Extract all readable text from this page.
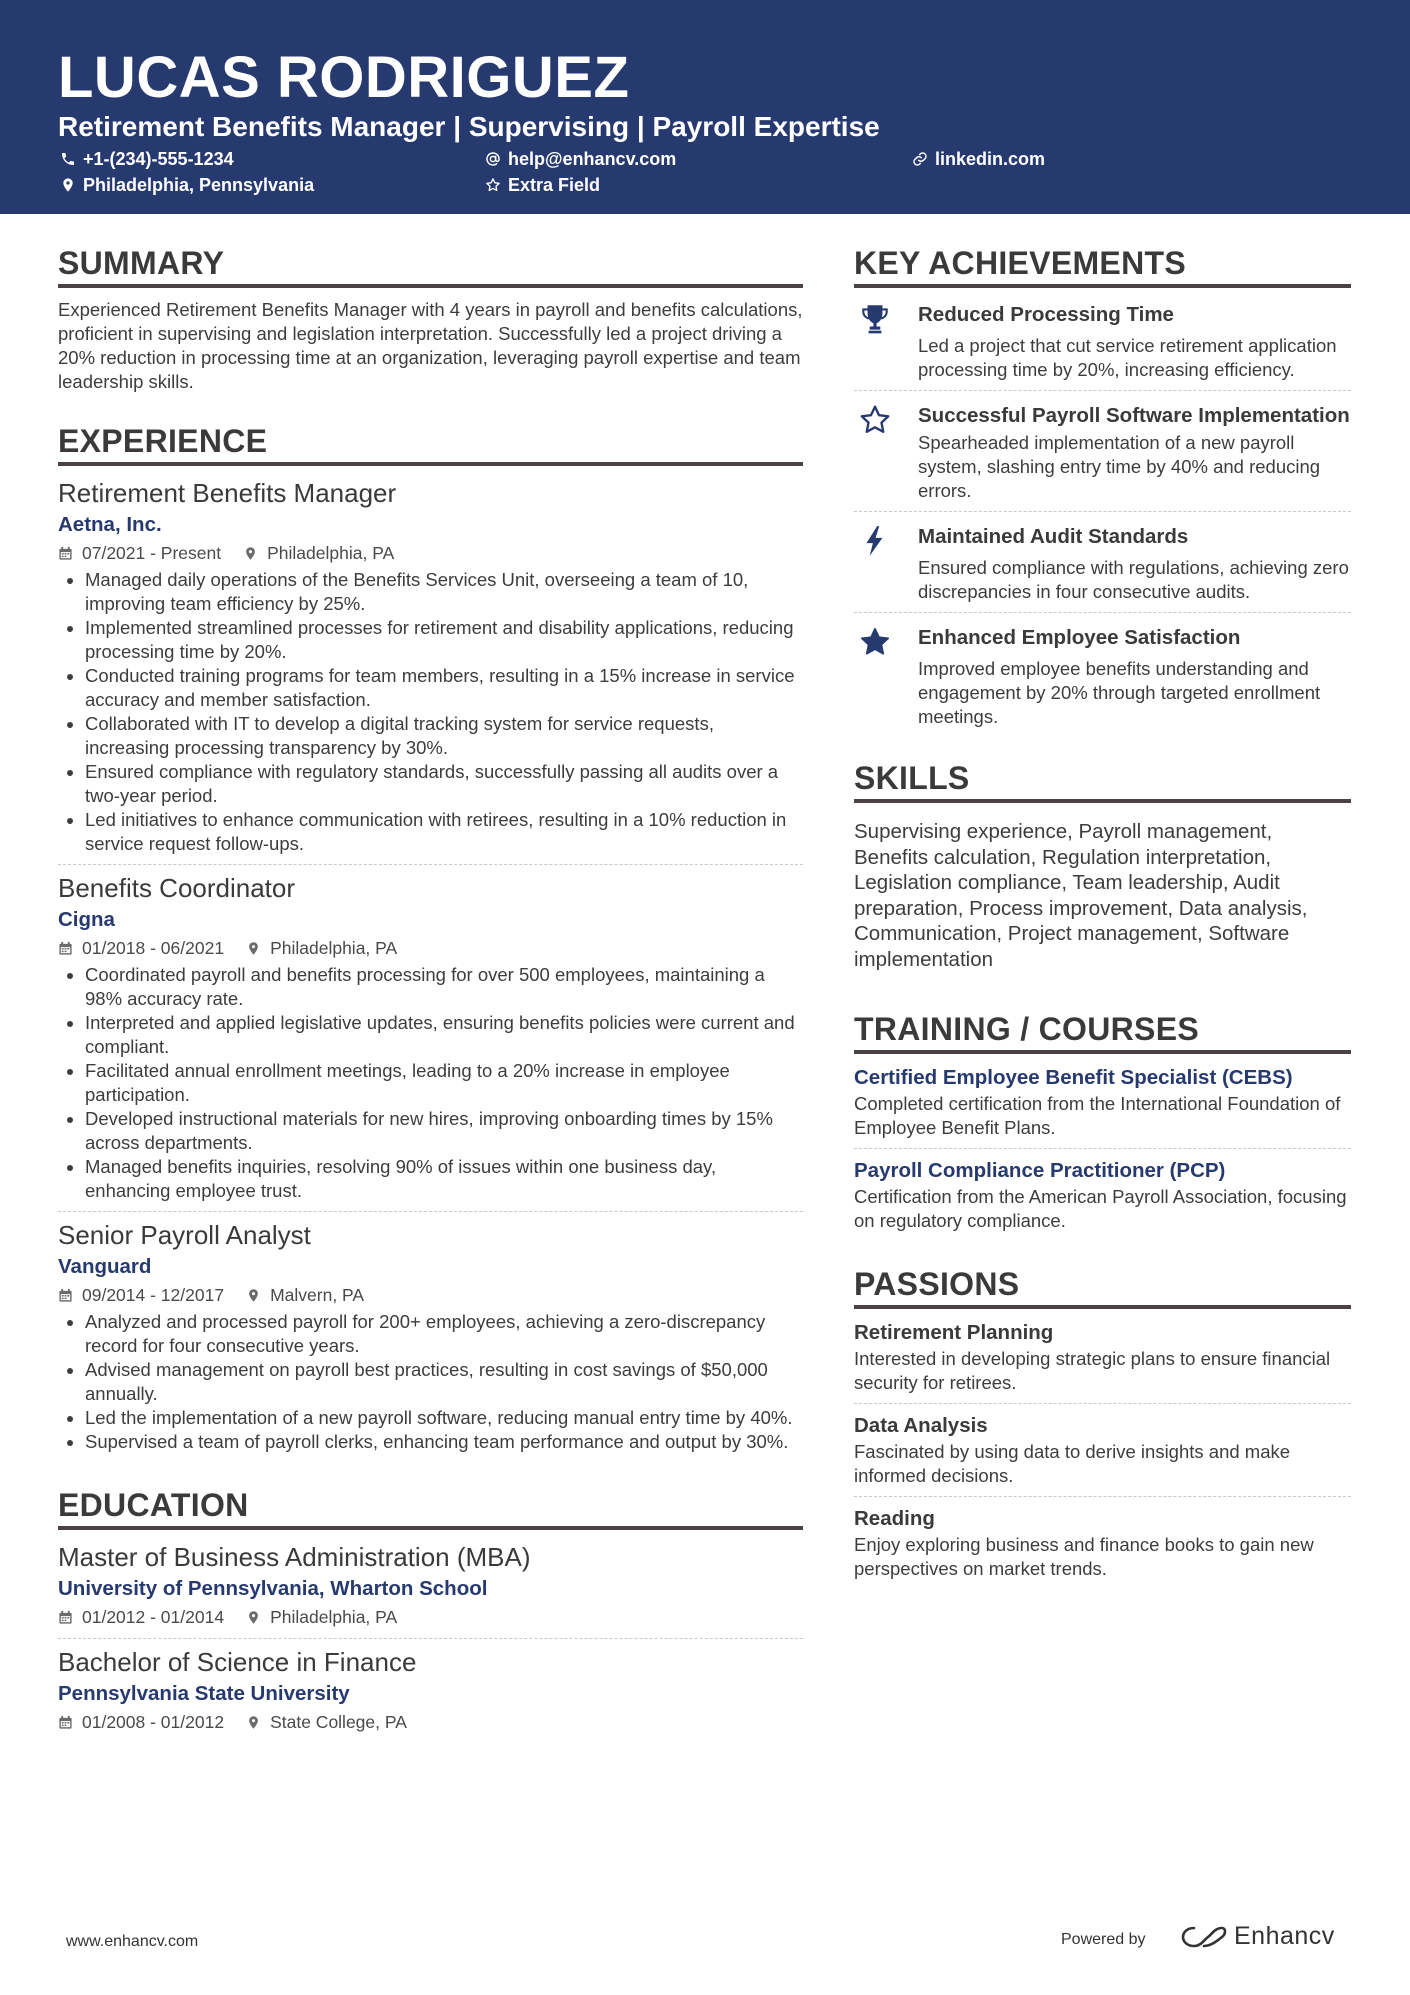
LUCAS RODRIGUEZ
Retirement Benefits Manager | Supervising | Payroll Expertise
+1-(234)-555-1234	help@enhancv.com	linkedin.com
Philadelphia, Pennsylvania	Extra Field
SUMMARY
Experienced Retirement Benefits Manager with 4 years in payroll and benefits calculations, proficient in supervising and legislation interpretation. Successfully led a project driving a 20% reduction in processing time at an organization, leveraging payroll expertise and team leadership skills.
EXPERIENCE
Retirement Benefits Manager
Aetna, Inc.
07/2021 - Present	Philadelphia, PA
• Managed daily operations of the Benefits Services Unit, overseeing a team of 10, improving team efficiency by 25%.
• Implemented streamlined processes for retirement and disability applications, reducing processing time by 20%.
• Conducted training programs for team members, resulting in a 15% increase in service accuracy and member satisfaction.
• Collaborated with IT to develop a digital tracking system for service requests, increasing processing transparency by 30%.
• Ensured compliance with regulatory standards, successfully passing all audits over a two-year period.
• Led initiatives to enhance communication with retirees, resulting in a 10% reduction in service request follow-ups.
Benefits Coordinator
Cigna
01/2018 - 06/2021	Philadelphia, PA
• Coordinated payroll and benefits processing for over 500 employees, maintaining a 98% accuracy rate.
• Interpreted and applied legislative updates, ensuring benefits policies were current and compliant.
• Facilitated annual enrollment meetings, leading to a 20% increase in employee participation.
• Developed instructional materials for new hires, improving onboarding times by 15% across departments.
• Managed benefits inquiries, resolving 90% of issues within one business day, enhancing employee trust.
Senior Payroll Analyst
Vanguard
09/2014 - 12/2017	Malvern, PA
• Analyzed and processed payroll for 200+ employees, achieving a zero-discrepancy record for four consecutive years.
• Advised management on payroll best practices, resulting in cost savings of $50,000 annually.
• Led the implementation of a new payroll software, reducing manual entry time by 40%.
• Supervised a team of payroll clerks, enhancing team performance and output by 30%.
EDUCATION
Master of Business Administration (MBA)
University of Pennsylvania, Wharton School
01/2012 - 01/2014	Philadelphia, PA
Bachelor of Science in Finance
Pennsylvania State University
01/2008 - 01/2012	State College, PA
KEY ACHIEVEMENTS
Reduced Processing Time
Led a project that cut service retirement application processing time by 20%, increasing efficiency.
Successful Payroll Software Implementation
Spearheaded implementation of a new payroll system, slashing entry time by 40% and reducing errors.
Maintained Audit Standards
Ensured compliance with regulations, achieving zero discrepancies in four consecutive audits.
Enhanced Employee Satisfaction
Improved employee benefits understanding and engagement by 20% through targeted enrollment meetings.
SKILLS
Supervising experience, Payroll management, Benefits calculation, Regulation interpretation, Legislation compliance, Team leadership, Audit preparation, Process improvement, Data analysis, Communication, Project management, Software implementation
TRAINING / COURSES
Certified Employee Benefit Specialist (CEBS)
Completed certification from the International Foundation of Employee Benefit Plans.
Payroll Compliance Practitioner (PCP)
Certification from the American Payroll Association, focusing on regulatory compliance.
PASSIONS
Retirement Planning
Interested in developing strategic plans to ensure financial security for retirees.
Data Analysis
Fascinated by using data to derive insights and make informed decisions.
Reading
Enjoy exploring business and finance books to gain new perspectives on market trends.
www.enhancv.com	Powered by	Enhancv
